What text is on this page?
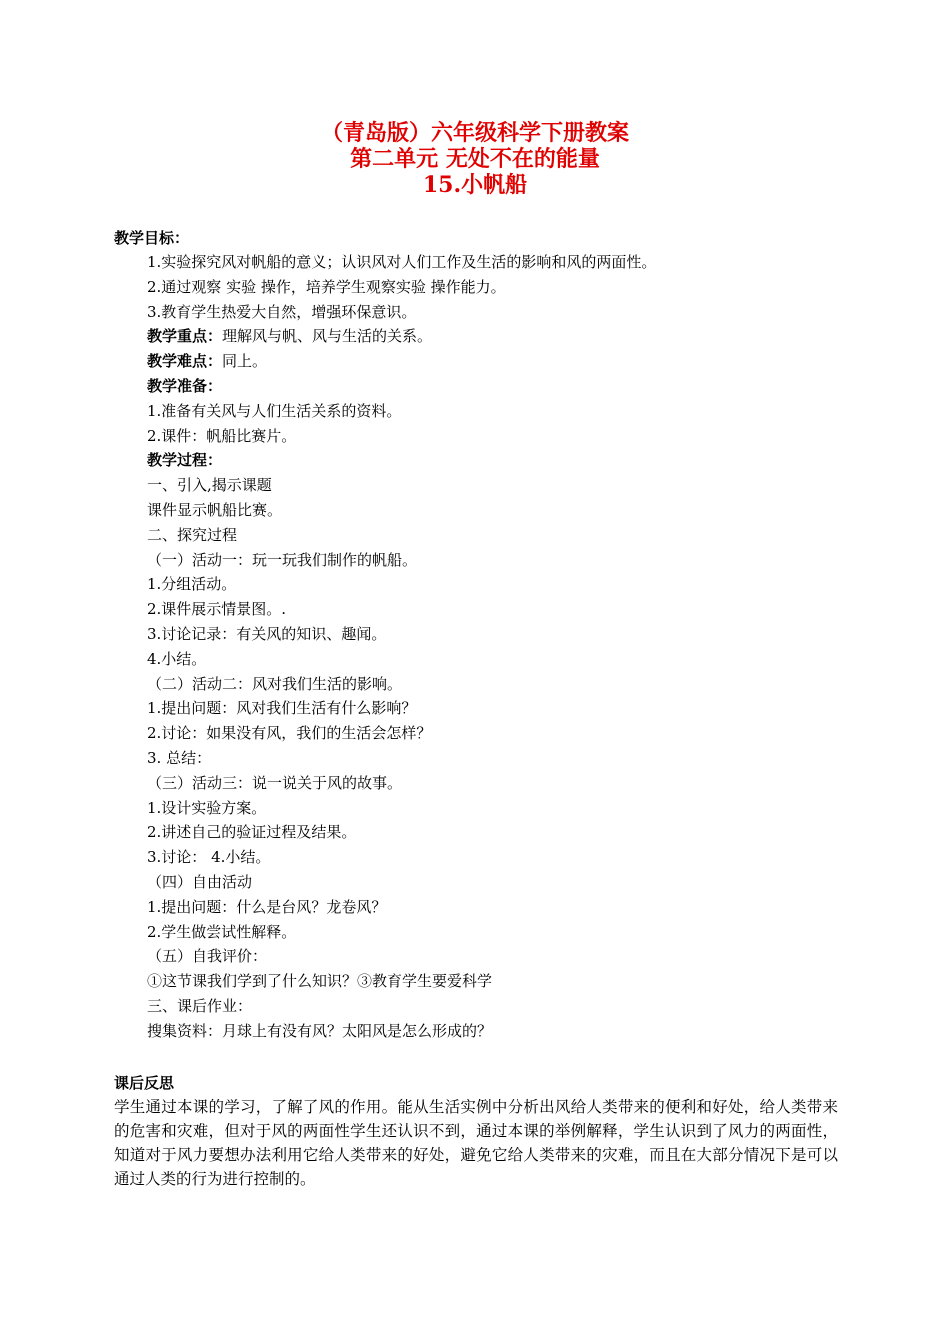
（青岛版）六年级科学下册教案
第二单元 无处不在的能量
15.小帆船
教学目标：
1.实验探究风对帆船的意义；认识风对人们工作及生活的影响和风的两面性。
2.通过观察 实验 操作，培养学生观察实验 操作能力。
3.教育学生热爱大自然，增强环保意识。
教学重点：理解风与帆、风与生活的关系。
教学难点：同上。
教学准备：
1.准备有关风与人们生活关系的资料。
2.课件：帆船比赛片。
教学过程：
一、引入,揭示课题
课件显示帆船比赛。
二、探究过程
（一）活动一：玩一玩我们制作的帆船。
1.分组活动。
2.课件展示情景图。.
3.讨论记录：有关风的知识、趣闻。
4.小结。
（二）活动二：风对我们生活的影响。
1.提出问题：风对我们生活有什么影响？
2.讨论：如果没有风，我们的生活会怎样？
3. 总结：
（三）活动三：说一说关于风的故事。
1.设计实验方案。
2.讲述自己的验证过程及结果。
3.讨论： 4.小结。
（四）自由活动
1.提出问题：什么是台风？龙卷风？
2.学生做尝试性解释。
（五）自我评价：
①这节课我们学到了什么知识？③教育学生要爱科学
三、课后作业：
搜集资料：月球上有没有风？太阳风是怎么形成的？
课后反思
学生通过本课的学习，了解了风的作用。能从生活实例中分析出风给人类带来的便利和好处，给人类带来的危害和灾难，但对于风的两面性学生还认识不到，通过本课的举例解释，学生认识到了风力的两面性，知道对于风力要想办法利用它给人类带来的好处，避免它给人类带来的灾难，而且在大部分情况下是可以通过人类的行为进行控制的。
